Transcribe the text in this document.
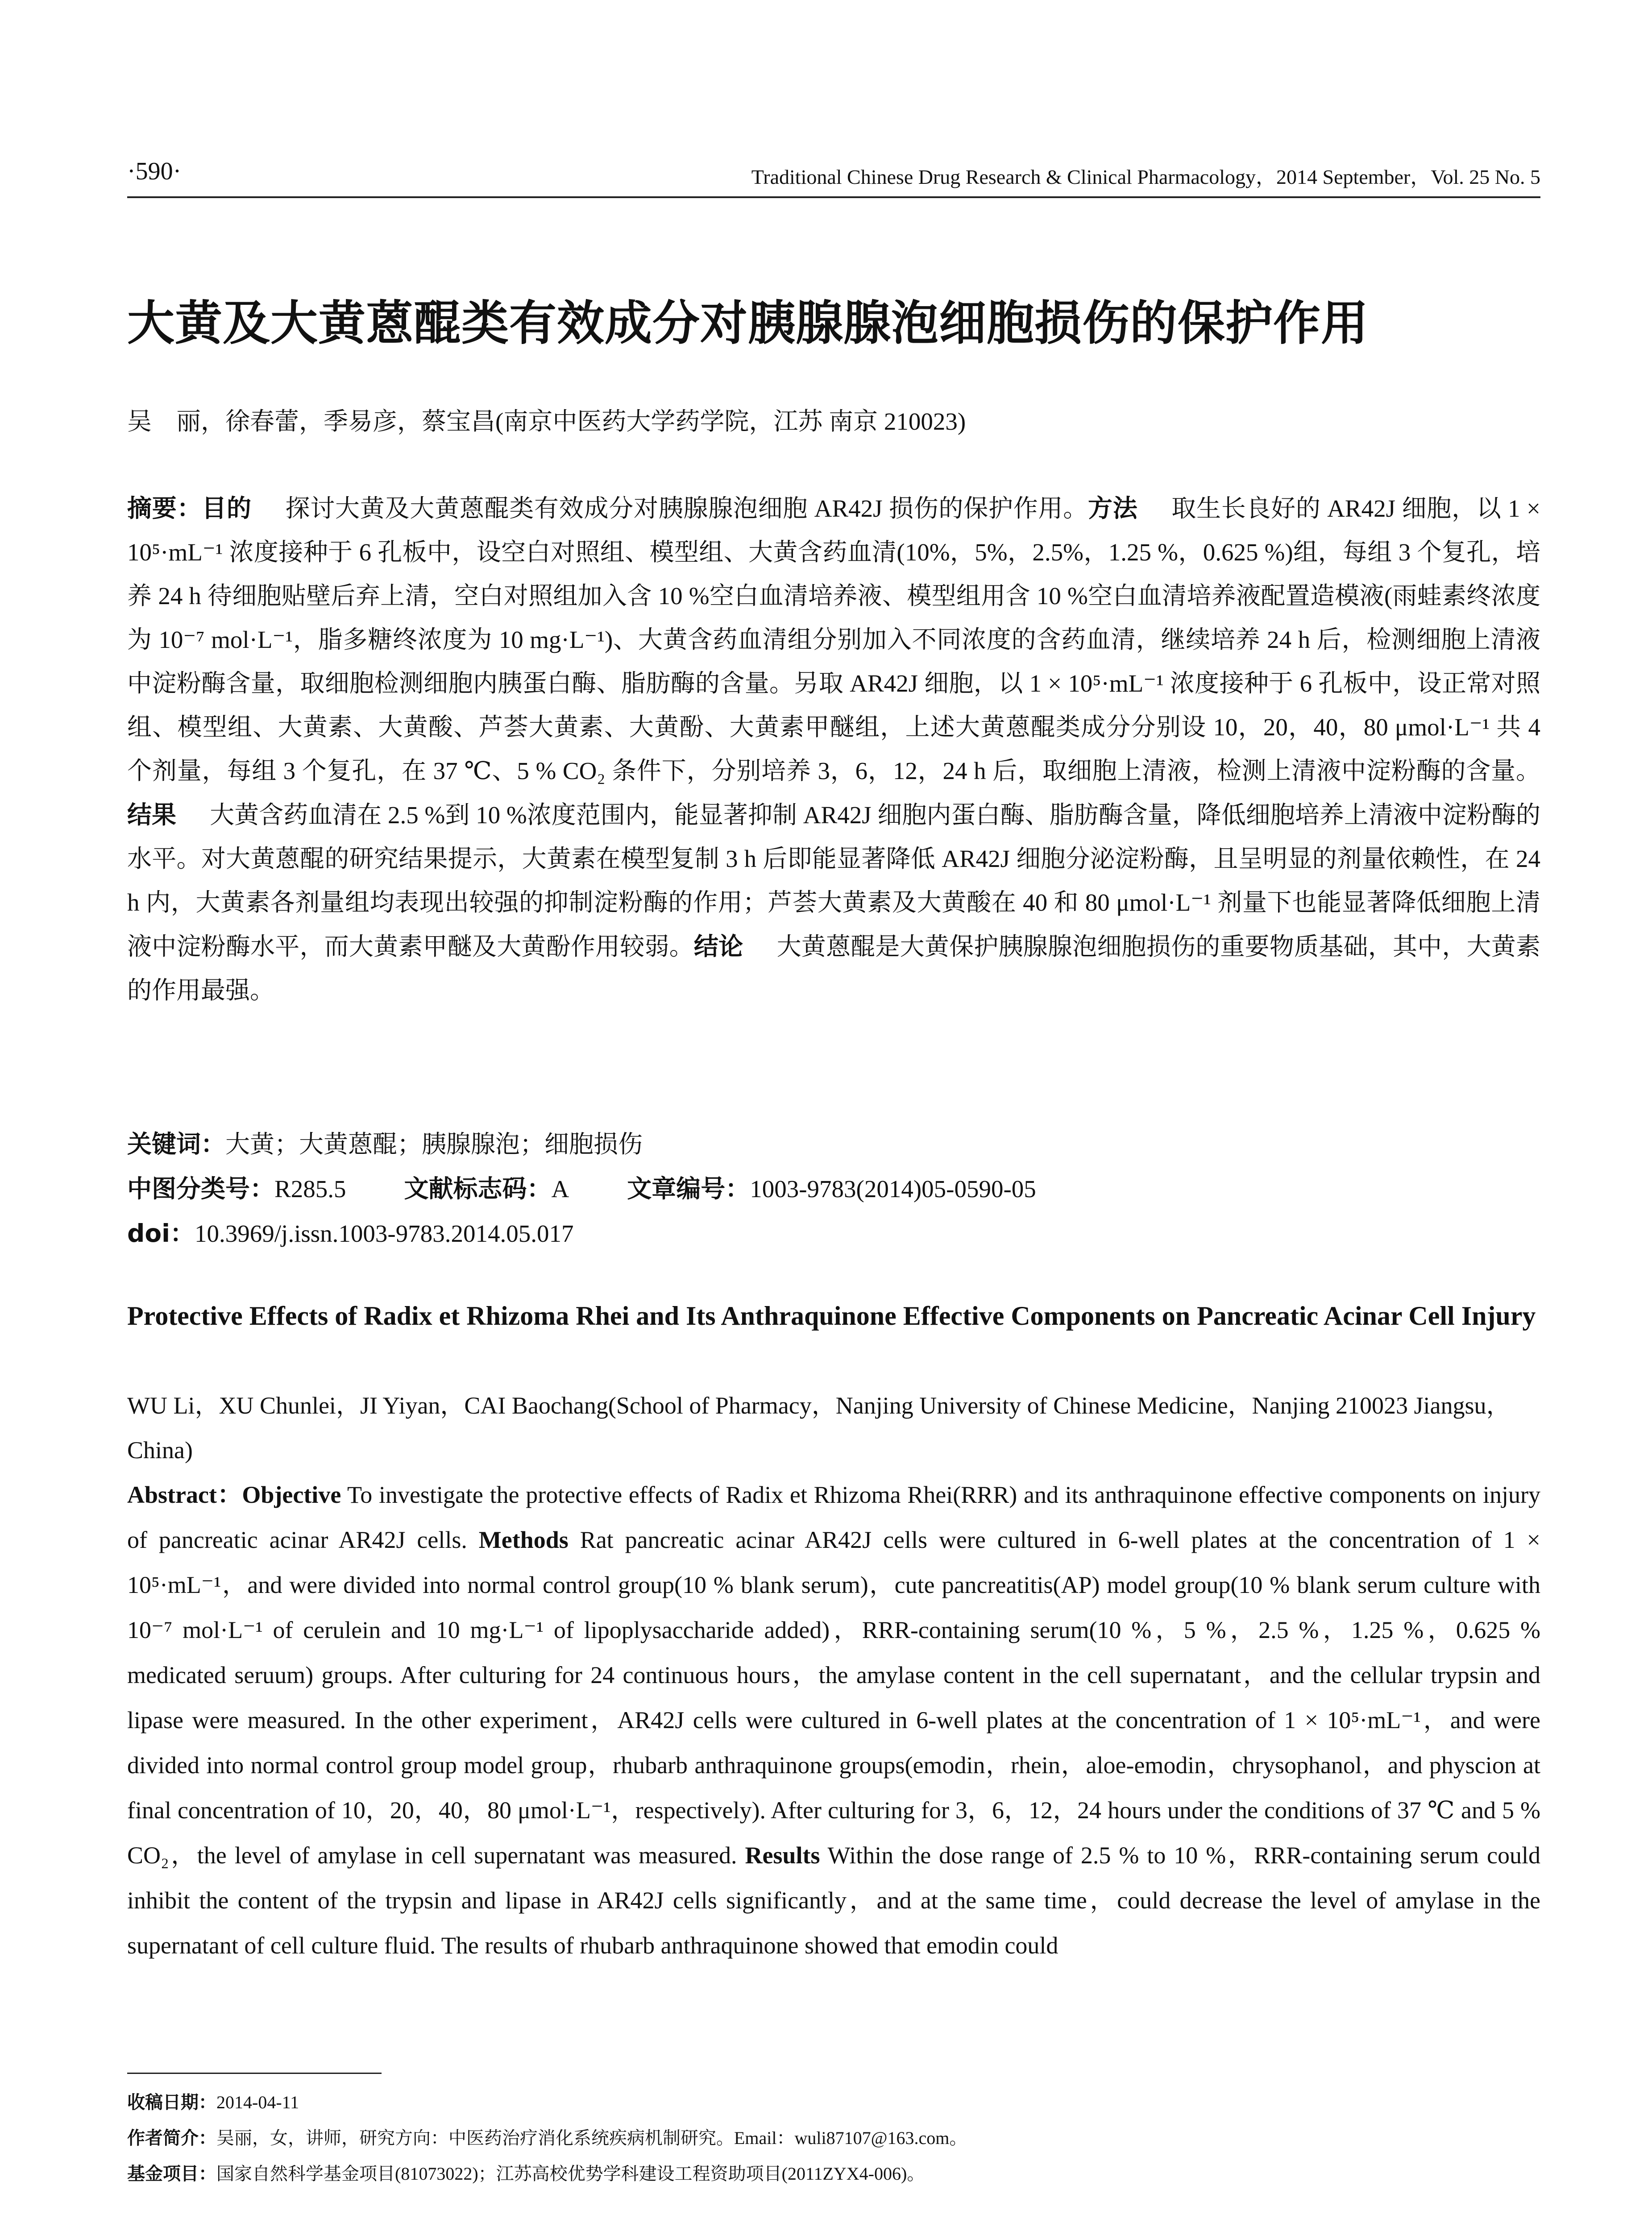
·590·	Traditional Chinese Drug Research & Clinical Pharmacology，2014 September，Vol. 25 No. 5
大黄及大黄蒽醌类有效成分对胰腺腺泡细胞损伤的保护作用
吴　丽，徐春蕾，季易彦，蔡宝昌(南京中医药大学药学院，江苏 南京 210023)
摘要：目的 探讨大黄及大黄蒽醌类有效成分对胰腺腺泡细胞 AR42J 损伤的保护作用。方法 取生长良好的 AR42J 细胞，以 1 × 10⁵·mL⁻¹ 浓度接种于 6 孔板中，设空白对照组、模型组、大黄含药血清(10%，5%，2.5%，1.25 %，0.625 %)组，每组 3 个复孔，培养 24 h 待细胞贴壁后弃上清，空白对照组加入含 10 %空白血清培养液、模型组用含 10 %空白血清培养液配置造模液(雨蛙素终浓度为 10⁻⁷ mol·L⁻¹，脂多糖终浓度为 10 mg·L⁻¹)、大黄含药血清组分别加入不同浓度的含药血清，继续培养 24 h 后，检测细胞上清液中淀粉酶含量，取细胞检测细胞内胰蛋白酶、脂肪酶的含量。另取 AR42J 细胞，以 1 × 10⁵·mL⁻¹ 浓度接种于 6 孔板中，设正常对照组、模型组、大黄素、大黄酸、芦荟大黄素、大黄酚、大黄素甲醚组，上述大黄蒽醌类成分分别设 10，20，40，80 μmol·L⁻¹ 共 4 个剂量，每组 3 个复孔，在 37 ℃、5 % CO₂ 条件下，分别培养 3，6，12，24 h 后，取细胞上清液，检测上清液中淀粉酶的含量。结果 大黄含药血清在 2.5 %到 10 %浓度范围内，能显著抑制 AR42J 细胞内蛋白酶、脂肪酶含量，降低细胞培养上清液中淀粉酶的水平。对大黄蒽醌的研究结果提示，大黄素在模型复制 3 h 后即能显著降低 AR42J 细胞分泌淀粉酶，且呈明显的剂量依赖性，在 24 h 内，大黄素各剂量组均表现出较强的抑制淀粉酶的作用；芦荟大黄素及大黄酸在 40 和 80 μmol·L⁻¹ 剂量下也能显著降低细胞上清液中淀粉酶水平，而大黄素甲醚及大黄酚作用较弱。结论 大黄蒽醌是大黄保护胰腺腺泡细胞损伤的重要物质基础，其中，大黄素的作用最强。
关键词：大黄；大黄蒽醌；胰腺腺泡；细胞损伤
中图分类号：R285.5 文献标志码：A 文章编号：1003-9783(2014)05-0590-05
doi：10.3969/j.issn.1003-9783.2014.05.017
Protective Effects of Radix et Rhizoma Rhei and Its Anthraquinone Effective Components on Pancreatic Acinar Cell Injury
WU Li，XU Chunlei，JI Yiyan，CAI Baochang(School of Pharmacy，Nanjing University of Chinese Medicine，Nanjing 210023 Jiangsu，China)
Abstract：Objective To investigate the protective effects of Radix et Rhizoma Rhei(RRR) and its anthraquinone effective components on injury of pancreatic acinar AR42J cells. Methods Rat pancreatic acinar AR42J cells were cultured in 6-well plates at the concentration of 1 × 10⁵·mL⁻¹，and were divided into normal control group(10 % blank serum)，cute pancreatitis(AP) model group(10 % blank serum culture with 10⁻⁷ mol·L⁻¹ of cerulein and 10 mg·L⁻¹ of lipoplysaccharide added)，RRR-containing serum(10 %，5 %，2.5 %，1.25 %，0.625 % medicated seruum) groups. After culturing for 24 continuous hours，the amylase content in the cell supernatant，and the cellular trypsin and lipase were measured. In the other experiment，AR42J cells were cultured in 6-well plates at the concentration of 1 × 10⁵·mL⁻¹，and were divided into normal control group model group，rhubarb anthraquinone groups(emodin，rhein，aloe-emodin，chrysophanol，and physcion at final concentration of 10，20，40，80 μmol·L⁻¹，respectively). After culturing for 3，6，12，24 hours under the conditions of 37 ℃ and 5 % CO₂，the level of amylase in cell supernatant was measured. Results Within the dose range of 2.5 % to 10 %，RRR-containing serum could inhibit the content of the trypsin and lipase in AR42J cells significantly，and at the same time，could decrease the level of amylase in the supernatant of cell culture fluid. The results of rhubarb anthraquinone showed that emodin could
收稿日期：2014-04-11
作者简介：吴丽，女，讲师，研究方向：中医药治疗消化系统疾病机制研究。Email：wuli87107@163.com。
基金项目：国家自然科学基金项目(81073022)；江苏高校优势学科建设工程资助项目(2011ZYX4-006)。
